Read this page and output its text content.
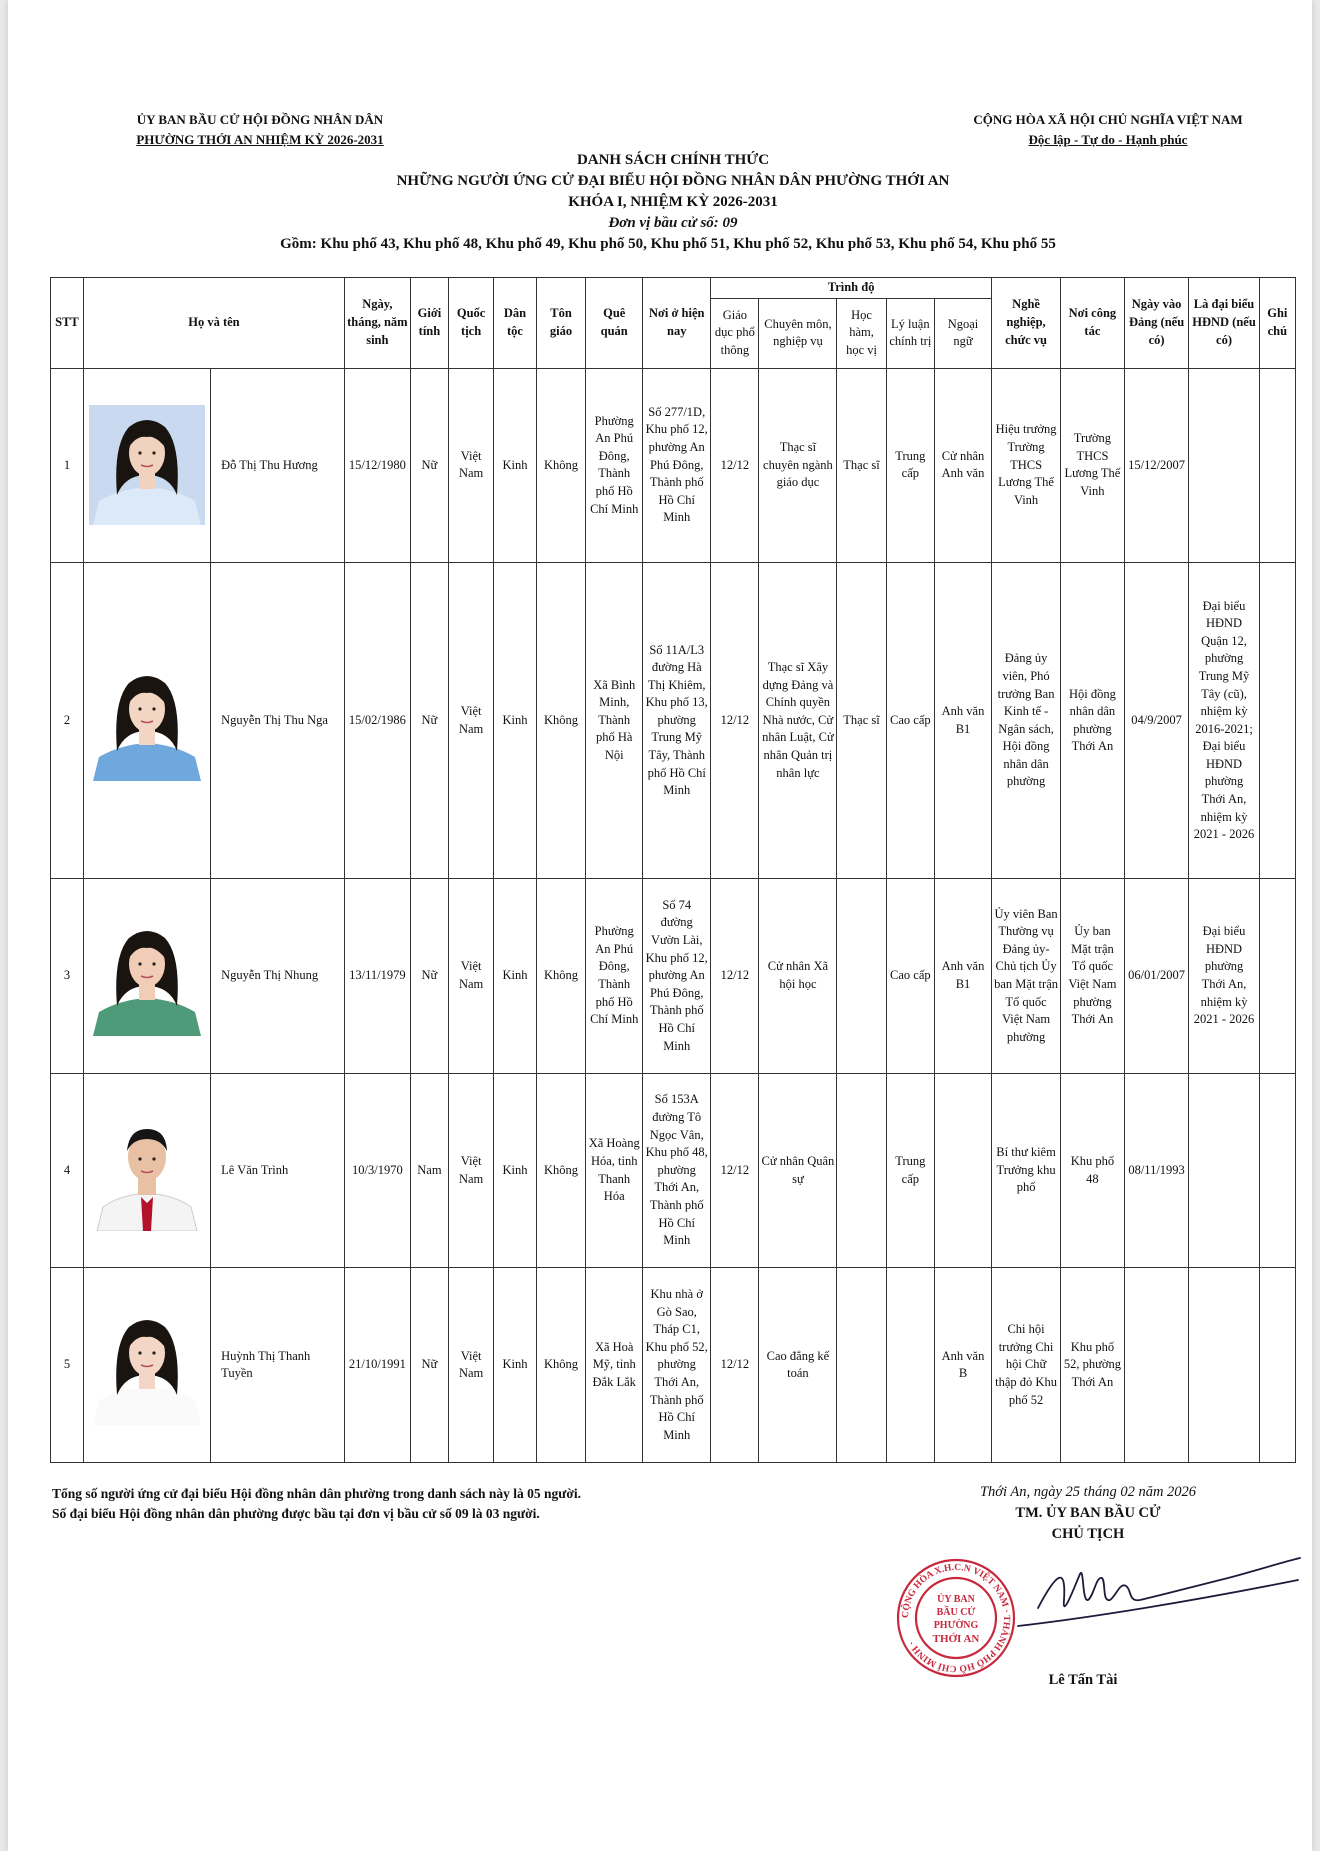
ỦY BAN BẦU CỬ HỘI ĐỒNG NHÂN DÂN
PHƯỜNG THỚI AN NHIỆM KỲ 2026-2031
CỘNG HÒA XÃ HỘI CHỦ NGHĨA VIỆT NAM
Độc lập - Tự do - Hạnh phúc
DANH SÁCH CHÍNH THỨC
NHỮNG NGƯỜI ỨNG CỬ ĐẠI BIỂU HỘI ĐỒNG NHÂN DÂN PHƯỜNG THỚI AN
KHÓA I, NHIỆM KỲ 2026-2031
Đơn vị bầu cử số: 09
Gồm: Khu phố 43, Khu phố 48, Khu phố 49, Khu phố 50, Khu phố 51, Khu phố 52, Khu phố 53, Khu phố 54, Khu phố 55
STT	Họ và tên		Ngày, tháng, năm sinh	Giới tính	Quốc tịch	Dân tộc	Tôn giáo	Quê quán	Nơi ở hiện nay	Trình độ					Nghề nghiệp, chức vụ	Nơi công tác	Ngày vào Đảng (nếu có)	Là đại biểu HĐND (nếu có)	Ghi chú
										Giáo dục phổ thông	Chuyên môn, nghiệp vụ	Học hàm, học vị	Lý luận chính trị	Ngoại ngữ					
1		Đỗ Thị Thu Hương	15/12/1980	Nữ	Việt Nam	Kinh	Không	Phường An Phú Đông, Thành phố Hồ Chí Minh	Số 277/1D, Khu phố 12, phường An Phú Đông, Thành phố Hồ Chí Minh	12/12	Thạc sĩ chuyên ngành giáo dục	Thạc sĩ	Trung cấp	Cử nhân Anh văn	Hiệu trưởng Trường THCS Lương Thế Vinh	Trường THCS Lương Thế Vinh	15/12/2007		
2		Nguyễn Thị Thu Nga	15/02/1986	Nữ	Việt Nam	Kinh	Không	Xã Bình Minh, Thành phố Hà Nội	Số 11A/L3 đường Hà Thị Khiêm, Khu phố 13, phường Trung Mỹ Tây, Thành phố Hồ Chí Minh	12/12	Thạc sĩ Xây dựng Đảng và Chính quyền Nhà nước, Cử nhân Luật, Cử nhân Quản trị nhân lực	Thạc sĩ	Cao cấp	Anh văn B1	Đảng ủy viên, Phó trưởng Ban Kinh tế - Ngân sách, Hội đồng nhân dân phường	Hội đồng nhân dân phường Thới An	04/9/2007	Đại biểu HĐND Quận 12, phường Trung Mỹ Tây (cũ), nhiệm kỳ 2016-2021; Đại biểu HĐND phường Thới An, nhiệm kỳ 2021 - 2026	
3		Nguyễn Thị Nhung	13/11/1979	Nữ	Việt Nam	Kinh	Không	Phường An Phú Đông, Thành phố Hồ Chí Minh	Số 74 đường Vườn Lài, Khu phố 12, phường An Phú Đông, Thành phố Hồ Chí Minh	12/12	Cử nhân Xã hội học		Cao cấp	Anh văn B1	Ủy viên Ban Thường vụ Đảng ủy- Chủ tịch Ủy ban Mặt trận Tổ quốc Việt Nam phường	Ủy ban Mặt trận Tổ quốc Việt Nam phường Thới An	06/01/2007	Đại biểu HĐND phường Thới An, nhiệm kỳ 2021 - 2026	
4		Lê Văn Trình	10/3/1970	Nam	Việt Nam	Kinh	Không	Xã Hoàng Hóa, tỉnh Thanh Hóa	Số 153A đường Tô Ngọc Vân, Khu phố 48, phường Thới An, Thành phố Hồ Chí Minh	12/12	Cử nhân Quân sự		Trung cấp		Bí thư kiêm Trưởng khu phố	Khu phố 48	08/11/1993		
5		Huỳnh Thị Thanh Tuyền	21/10/1991	Nữ	Việt Nam	Kinh	Không	Xã Hoà Mỹ, tỉnh Đắk Lắk	Khu nhà ở Gò Sao, Tháp C1, Khu phố 52, phường Thới An, Thành phố Hồ Chí Minh	12/12	Cao đẳng kế toán			Anh văn B	Chi hội trưởng Chi hội Chữ thập đỏ Khu phố 52	Khu phố 52, phường Thới An			
Tổng số người ứng cử đại biểu Hội đồng nhân dân phường trong danh sách này là 05 người.
Số đại biểu Hội đồng nhân dân phường được bầu tại đơn vị bầu cử số 09 là 03 người.
Thới An, ngày 25 tháng 02 năm 2026
TM. ỦY BAN BẦU CỬ
CHỦ TỊCH
CỘNG HÒA X.H.C.N VIỆT NAM · THÀNH PHỐ HỒ CHÍ MINH ·
ỦY BAN
BẦU CỬ
PHƯỜNG
THỚI AN
Lê Tấn Tài
